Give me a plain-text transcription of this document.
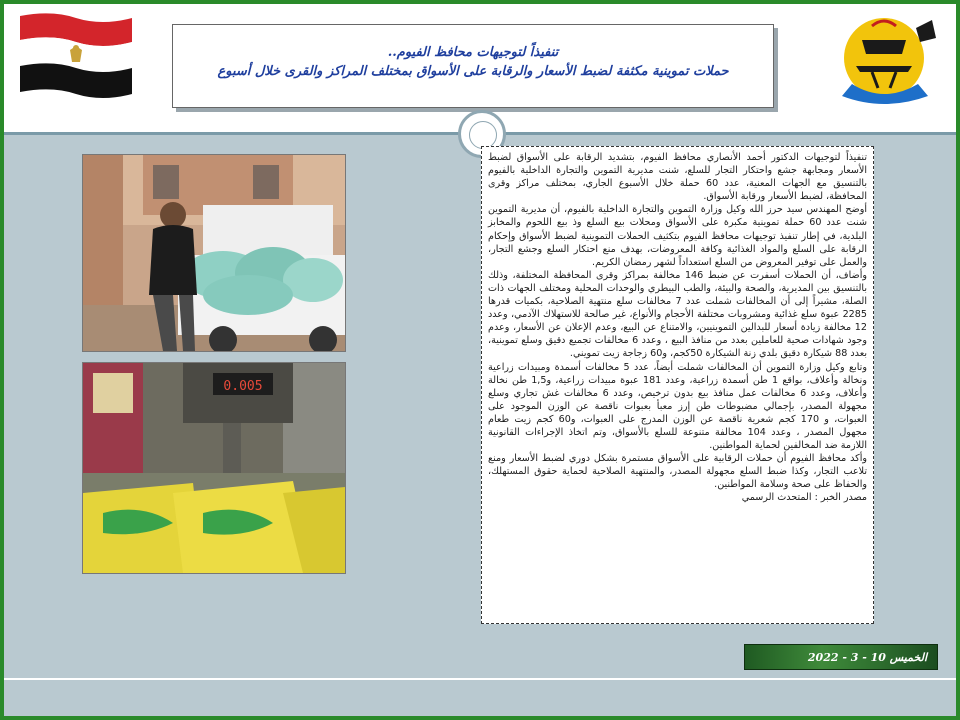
تنفيذاً لتوجيهات محافظ الفيوم..
حملات تموينية مكثفة لضبط الأسعار والرقابة على الأسواق بمختلف المراكز والقرى خلال أسبوع
0.005

تنفيذاً لتوجيهات الدكتور أحمد الأنصاري محافظ الفيوم، بتشديد الرقابة على الأسواق لضبط الأسعار ومجابهة جشع واحتكار التجار للسلع، شنت مديرية التموين والتجارة الداخلية بالفيوم بالتنسيق مع الجهات المعنية، عدد 60 حملة خلال الأسبوع الجاري، بمختلف مراكز وقرى المحافظة، لضبط الأسعار ورقابة الأسواق.

أوضح المهندس سيد حرز الله وكيل وزارة التموين والتجارة الداخلية بالفيوم، أن مديرية التموين شنت عدد 60 حملة تموينية مكبرة على الأسواق ومحلات بيع السلع وذ بيع اللحوم والمخابز البلدية، في إطار تنفيذ توجيهات محافظ الفيوم بتكثيف الحملات التموينية لضبط الأسواق وإحكام الرقابة على السلع والمواد الغذائية وكافة المعروضات، بهدف منع احتكار السلع وجشع التجار، والعمل على توفير المعروض من السلع استعداداً لشهر رمضان الكريم.

وأضاف، أن الحملات أسفرت عن ضبط 146 مخالفة بمراكز وقرى المحافظة المختلفة، وذلك بالتنسيق بين المديرية، والصحة والبيئة، والطب البيطري والوحدات المحلية ومختلف الجهات ذات الصلة، مشيراً إلى أن المخالفات شملت عدد 7 مخالفات سلع منتهية الصلاحية، بكميات قدرها 2285 عبوة سلع غذائية ومشروبات مختلفة الأحجام والأنواع، غير صالحة للاستهلاك الآدمي، وعدد 12 مخالفة زيادة أسعار للبدالين التموينيين، والامتناع عن البيع، وعدم الإعلان عن الأسعار، وعدم وجود شهادات صحية للعاملين بعدد من منافذ البيع ، وعدد 6 مخالفات تجميع دقيق وسلع تموينية، بعدد 88 شيكارة دقيق بلدي زنة الشيكارة 50كجم، و60 زجاجة زيت تمويني.

وتابع وكيل وزارة التموين أن المخالفات شملت أيضاً، عدد 5 مخالفات أسمدة ومبيدات زراعية ونخالة وأعلاف، بواقع 1 طن أسمدة زراعية، وعدد 181 عبوة مبيدات زراعية، و1,5 طن نخالة وأعلاف، وعدد 6 مخالفات عمل منافذ بيع بدون ترخيص، وعدد 6 مخالفات غش تجاري وسلع مجهولة المصدر، بإجمالي مضبوطات طن إرز معبأ بعبوات ناقصة عن الوزن الموجود على العبوات، و 170 كجم شعرية ناقصة عن الوزن المدرج على العبوات، و60 كجم زيت طعام مجهول المصدر ، وعدد 104 مخالفة متنوعة للسلع بالأسواق، وتم اتخاذ الإجراءات القانونية اللازمة ضد المخالفين لحماية المواطنين.

وأكد محافظ الفيوم أن حملات الرقابية على الأسواق مستمرة بشكل دوري لضبط الأسعار ومنع تلاعب التجار، وكذا ضبط السلع مجهولة المصدر، والمنتهية الصلاحية لحماية حقوق المستهلك، والحفاظ على صحة وسلامة المواطنين.

مصدر الخبر : المتحدث الرسمي

الخميس 10 - 3 - 2022
